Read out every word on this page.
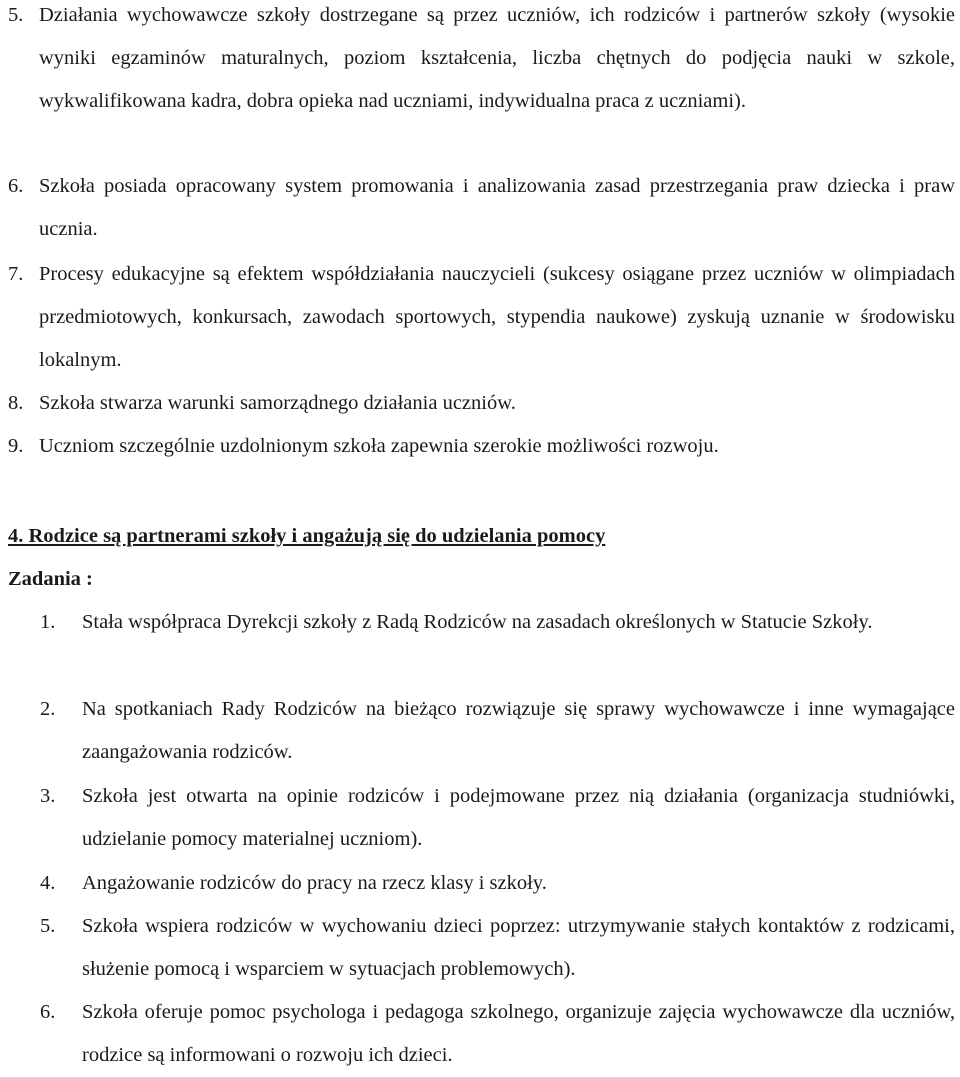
5. Działania wychowawcze szkoły dostrzegane są przez uczniów, ich rodziców i partnerów szkoły (wysokie wyniki egzaminów maturalnych, poziom kształcenia, liczba chętnych do podjęcia nauki w szkole, wykwalifikowana kadra, dobra opieka nad uczniami, indywidualna praca z uczniami).
6. Szkoła posiada opracowany system promowania i analizowania zasad przestrzegania praw dziecka i praw ucznia.
7. Procesy edukacyjne są efektem współdziałania nauczycieli (sukcesy osiągane przez uczniów w olimpiadach przedmiotowych, konkursach, zawodach sportowych, stypendia naukowe) zyskują uznanie w środowisku lokalnym.
8. Szkoła stwarza warunki samorządnego działania uczniów.
9. Uczniom szczególnie uzdolnionym szkoła zapewnia szerokie możliwości rozwoju.
4. Rodzice są partnerami szkoły i angażują się do udzielania pomocy
Zadania :
1.	Stała współpraca Dyrekcji szkoły z Radą Rodziców na zasadach określonych w Statucie Szkoły.
2.	Na spotkaniach Rady Rodziców na bieżąco rozwiązuje się sprawy wychowawcze i inne wymagające zaangażowania rodziców.
3.	Szkoła jest otwarta na opinie rodziców i podejmowane przez nią działania (organizacja studniówki, udzielanie pomocy materialnej uczniom).
4.	Angażowanie rodziców do pracy na rzecz klasy i szkoły.
5.	Szkoła wspiera rodziców w wychowaniu dzieci poprzez: utrzymywanie stałych kontaktów z rodzicami, służenie pomocą i wsparciem w sytuacjach problemowych).
6.	Szkoła oferuje pomoc psychologa i pedagoga szkolnego, organizuje zajęcia wychowawcze dla uczniów, rodzice są informowani o rozwoju ich dzieci.
